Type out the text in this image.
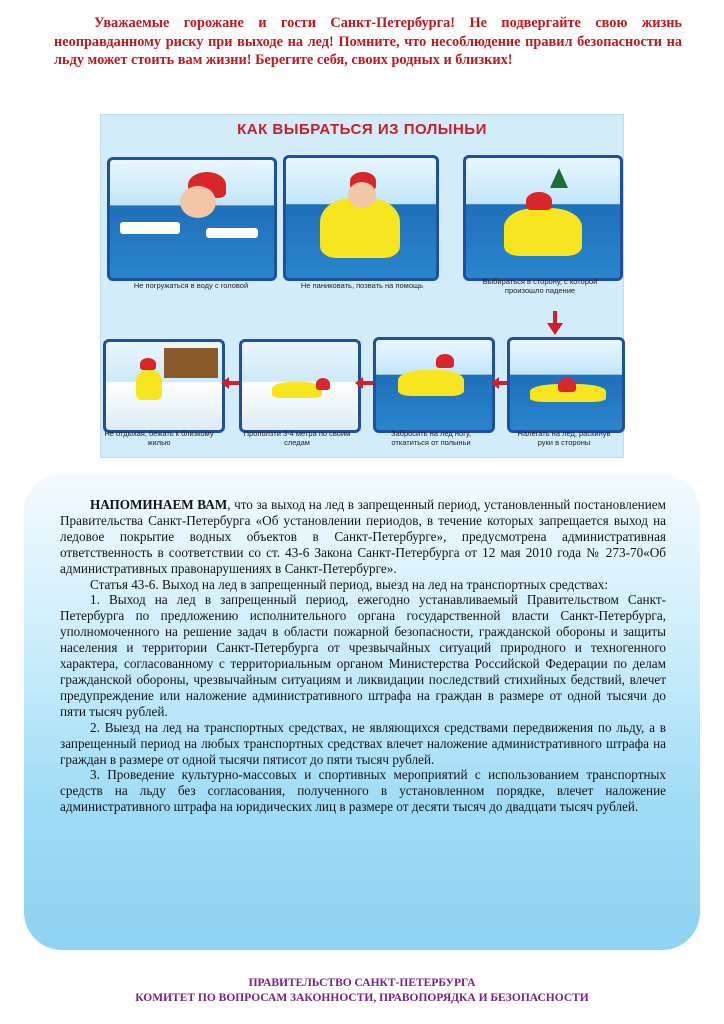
Уважаемые горожане и гости Санкт-Петербурга! Не подвергайте свою жизнь неоправданному риску при выходе на лед! Помните, что несоблюдение правил безопасности на льду может стоить вам жизни! Берегите себя, своих родных и близких!

КАК ВЫБРАТЬСЯ ИЗ ПОЛЫНЬИ
Не погружаться в воду с головой	Не паниковать, позвать на помощь	Выбираться в сторону, с которой произошло падение
Не отдыхая, бежать к близкому жилью
Проползти 3-4 метра по своим следам
Забросить на лед ногу, откатиться от полыньи
Налегать на лед, раскинув руки в стороны

НАПОМИНАЕМ ВАМ, что за выход на лед в запрещенный период, установленный постановлением Правительства Санкт-Петербурга «Об установлении периодов, в течение которых запрещается выход на ледовое покрытие водных объектов в Санкт-Петербурге», предусмотрена административная ответственность в соответствии со ст. 43-6 Закона Санкт-Петербурга от 12 мая 2010 года № 273-70«Об административных правонарушениях в Санкт-Петербурге».

Статья 43-6. Выход на лед в запрещенный период, выезд на лед на транспортных средствах:

1. Выход на лед в запрещенный период, ежегодно устанавливаемый Правительством Санкт-Петербурга по предложению исполнительного органа государственной власти Санкт-Петербурга, уполномоченного на решение задач в области пожарной безопасности, гражданской обороны и защиты населения и территории Санкт-Петербурга от чрезвычайных ситуаций природного и техногенного характера, согласованному с территориальным органом Министерства Российской Федерации по делам гражданской обороны, чрезвычайным ситуациям и ликвидации последствий стихийных бедствий, влечет предупреждение или наложение административного штрафа на граждан в размере от одной тысячи до пяти тысяч рублей.

2. Выезд на лед на транспортных средствах, не являющихся средствами передвижения по льду, а в запрещенный период на любых транспортных средствах влечет наложение административного штрафа на граждан в размере от одной тысячи пятисот до пяти тысяч рублей.

3. Проведение культурно-массовых и спортивных мероприятий с использованием транспортных средств на льду без согласования, полученного в установленном порядке, влечет наложение административного штрафа на юридических лиц в размере от десяти тысяч до двадцати тысяч рублей.

ПРАВИТЕЛЬСТВО САНКТ-ПЕТЕРБУРГА
КОМИТЕТ ПО ВОПРОСАМ ЗАКОННОСТИ, ПРАВОПОРЯДКА И БЕЗОПАСНОСТИ
